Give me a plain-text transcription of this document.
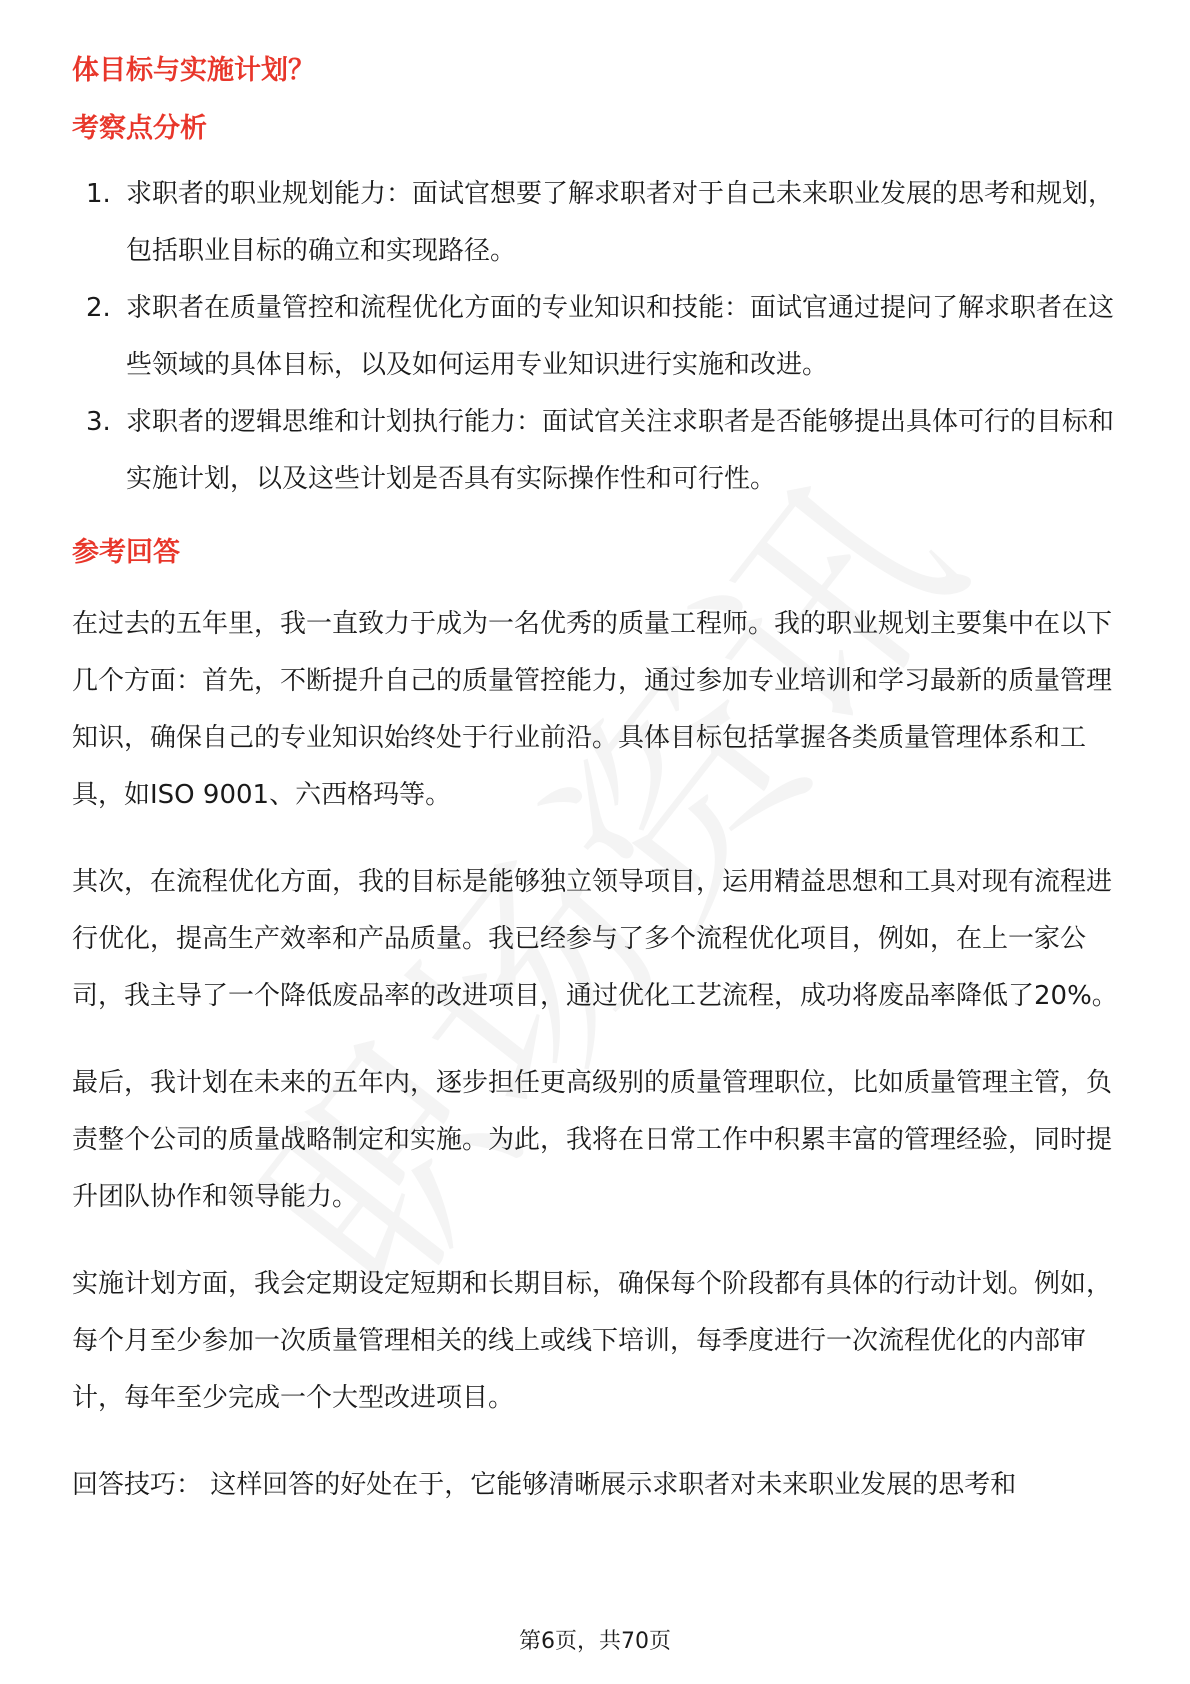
体目标与实施计划？
考察点分析
1. 求职者的职业规划能力：面试官想要了解求职者对于自己未来职业发展的思考和规划，包括职业目标的确立和实现路径。
2. 求职者在质量管控和流程优化方面的专业知识和技能：面试官通过提问了解求职者在这些领域的具体目标，以及如何运用专业知识进行实施和改进。
3. 求职者的逻辑思维和计划执行能力：面试官关注求职者是否能够提出具体可行的目标和实施计划，以及这些计划是否具有实际操作性和可行性。
参考回答

在过去的五年里，我一直致力于成为一名优秀的质量工程师。我的职业规划主要集中在以下几个方面：首先，不断提升自己的质量管控能力，通过参加专业培训和学习最新的质量管理知识，确保自己的专业知识始终处于行业前沿。具体目标包括掌握各类质量管理体系和工具，如ISO 9001、六西格玛等。

其次，在流程优化方面，我的目标是能够独立领导项目，运用精益思想和工具对现有流程进行优化，提高生产效率和产品质量。我已经参与了多个流程优化项目，例如，在上一家公司，我主导了一个降低废品率的改进项目，通过优化工艺流程，成功将废品率降低了20%。

最后，我计划在未来的五年内，逐步担任更高级别的质量管理职位，比如质量管理主管，负责整个公司的质量战略制定和实施。为此，我将在日常工作中积累丰富的管理经验，同时提升团队协作和领导能力。

实施计划方面，我会定期设定短期和长期目标，确保每个阶段都有具体的行动计划。例如，每个月至少参加一次质量管理相关的线上或线下培训，每季度进行一次流程优化的内部审计，每年至少完成一个大型改进项目。

回答技巧： 这样回答的好处在于，它能够清晰展示求职者对未来职业发展的思考和

第6页，共70页
